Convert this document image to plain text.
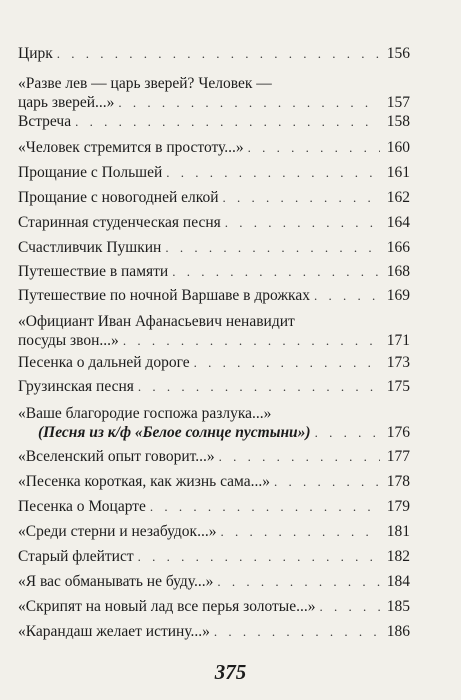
Цирк . . .	156
«Разве лев — царь зверей? Человек —
царь зверей...» . . .	157
Встреча . . .	158
«Человек стремится в простоту...» . . .	160
Прощание с Польшей . . .	161
Прощание с новогодней елкой . . .	162
Старинная студенческая песня . . .	164
Счастливчик Пушкин . . .	166
Путешествие в памяти . . .	168
Путешествие по ночной Варшаве в дрожках . . .	169
«Официант Иван Афанасьевич ненавидит
посуды звон...» . . .	171
Песенка о дальней дороге . . .	173
Грузинская песня . . .	175
«Ваше благородие госпожа разлука...»
(Песня из к/ф «Белое солнце пустыни») . . .	176
«Вселенский опыт говорит...» . . .	177
«Песенка короткая, как жизнь сама...» . . .	178
Песенка о Моцарте . . .	179
«Среди стерни и незабудок...» . . .	181
Старый флейтист . . .	182
«Я вас обманывать не буду...» . . .	184
«Скрипят на новый лад все перья золотые...» . . .	185
«Карандаш желает истину...» . . .	186
375
